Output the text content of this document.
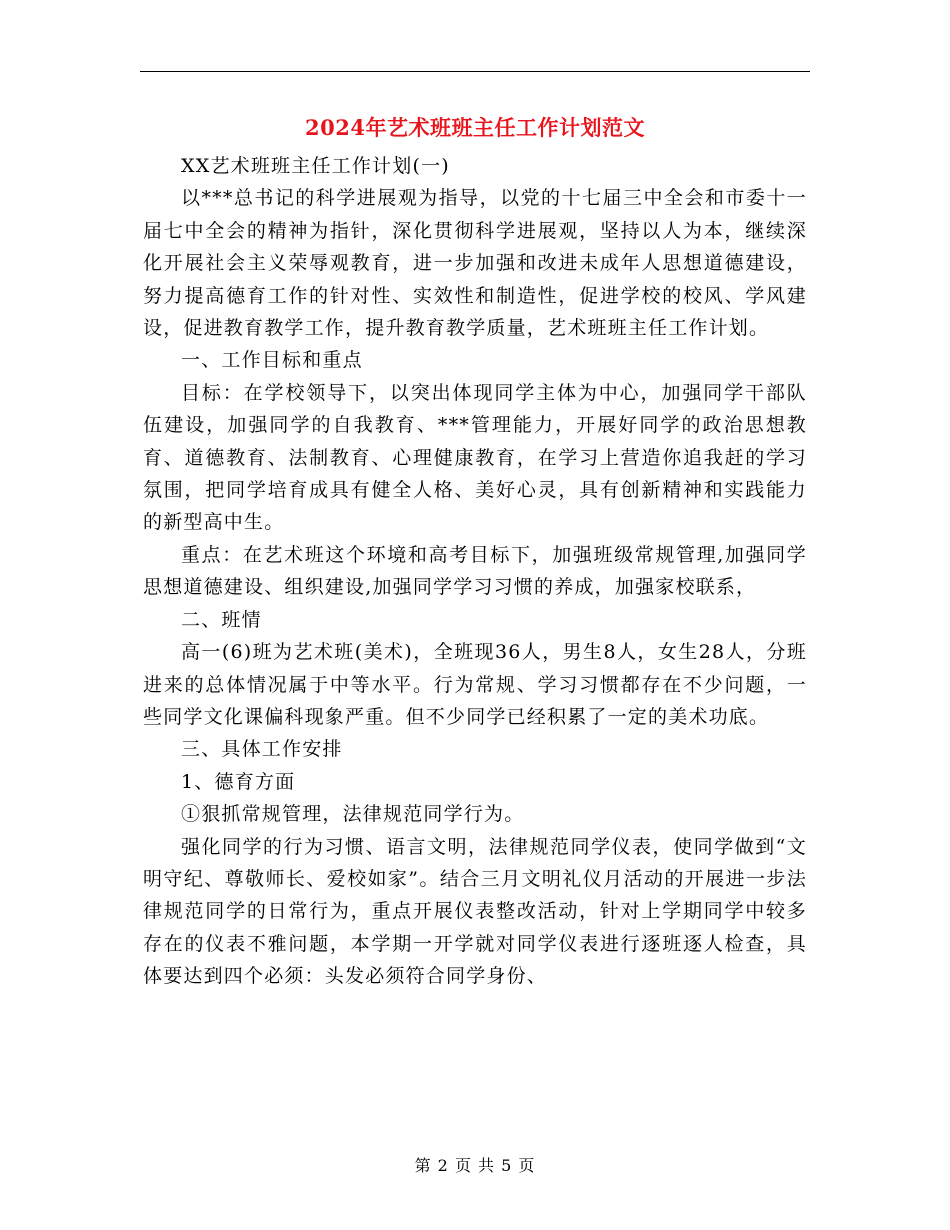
2024年艺术班班主任工作计划范文

XX艺术班班主任工作计划(一)

以***总书记的科学进展观为指导，以党的十七届三中全会和市委十一届七中全会的精神为指针，深化贯彻科学进展观，坚持以人为本，继续深化开展社会主义荣辱观教育，进一步加强和改进未成年人思想道德建设，努力提高德育工作的针对性、实效性和制造性，促进学校的校风、学风建设，促进教育教学工作，提升教育教学质量，艺术班班主任工作计划。

一、工作目标和重点

目标：在学校领导下，以突出体现同学主体为中心，加强同学干部队伍建设，加强同学的自我教育、***管理能力，开展好同学的政治思想教育、道德教育、法制教育、心理健康教育，在学习上营造你追我赶的学习氛围，把同学培育成具有健全人格、美好心灵，具有创新精神和实践能力的新型高中生。

重点：在艺术班这个环境和高考目标下，加强班级常规管理,加强同学思想道德建设、组织建设,加强同学学习习惯的养成，加强家校联系，

二、班情

高一(6)班为艺术班(美术)，全班现36人，男生8人，女生28人，分班进来的总体情况属于中等水平。行为常规、学习习惯都存在不少问题，一些同学文化课偏科现象严重。但不少同学已经积累了一定的美术功底。

三、具体工作安排

1、德育方面

①狠抓常规管理，法律规范同学行为。

强化同学的行为习惯、语言文明，法律规范同学仪表，使同学做到“文明守纪、尊敬师长、爱校如家”。结合三月文明礼仪月活动的开展进一步法律规范同学的日常行为，重点开展仪表整改活动，针对上学期同学中较多存在的仪表不雅问题，本学期一开学就对同学仪表进行逐班逐人检查，具体要达到四个必须：头发必须符合同学身份、

第 2 页 共 5 页
